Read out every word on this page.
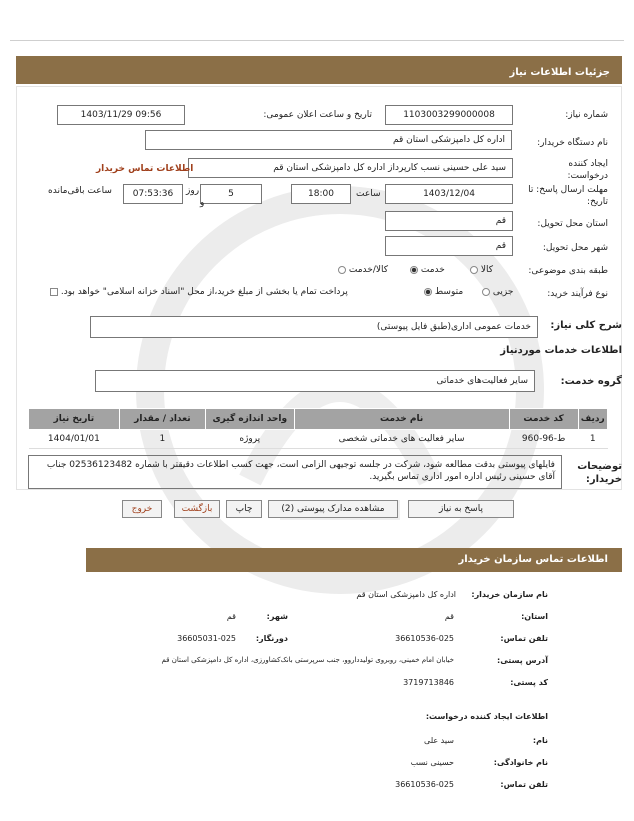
جزئیات اطلاعات نیاز
شماره نیاز:
1103003299000008
تاریخ و ساعت اعلان عمومی:
1403/11/29 09:56
نام دستگاه خریدار:
اداره کل دامپزشکی استان قم
ایجاد کننده درخواست:
سید علی حسینی نسب کارپرداز اداره کل دامپزشکی استان قم
اطلاعات تماس خریدار
مهلت ارسال پاسخ: تا تاریخ:
1403/12/04
ساعت
18:00
5
روز
و
07:53:36
ساعت باقی‌مانده
استان محل تحویل:
قم
شهر محل تحویل:
قم
طبقه بندی موضوعی:
کالا
خدمت
کالا/خدمت
نوع فرآیند خرید:
جزیی
متوسط
پرداخت تمام یا بخشی از مبلغ خرید،از محل "اسناد خزانه اسلامی" خواهد بود.
شرح کلی نیاز:
خدمات عمومی اداری(طبق فایل پیوستی)
اطلاعات خدمات موردنیاز
گروه خدمت:
سایر فعالیت‌های خدماتی
ردیف	کد خدمت	نام خدمت	واحد اندازه گیری	تعداد / مقدار	تاریخ نیاز
1	ط-96-960	سایر فعالیت های خدماتی شخصی	پروژه	1	1404/01/01
توضیحات خریدار:
فایلهای پیوستی بدقت مطالعه شود، شرکت در جلسه توجیهی الزامی است، جهت کسب اطلاعات دقیقتر با شماره 02536123482 جناب آقای حسینی رئیس اداره امور اداری تماس بگیرید.
پاسخ به نیاز
مشاهده مدارک پیوستی (2)
چاپ
بازگشت
خروج
اطلاعات تماس سازمان خریدار
نام سازمان خریدار:
اداره کل دامپزشکی استان قم
استان:
قم
شهر:
قم
تلفن تماس:
36610536-025
دورنگار:
36605031-025
آدرس پستی:
خیابان امام خمینی، روبروی تولیدداروو، جنب سرپرستی بانک‌کشاورزی، اداره کل دامپزشکی استان قم
کد پستی:
3719713846
اطلاعات ایجاد کننده درخواست:
نام:
سید علی
نام خانوادگی:
حسینی نسب
تلفن تماس:
36610536-025
